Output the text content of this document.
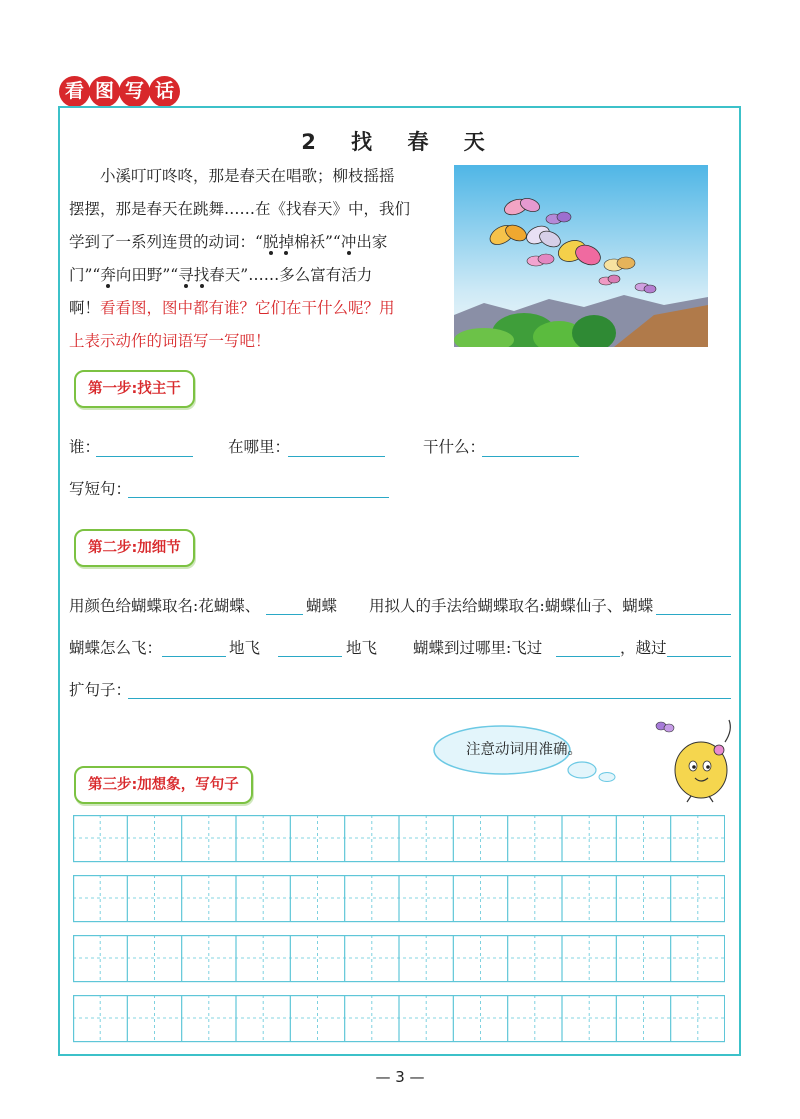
看 图 写 话
2 找 春 天
小溪叮叮咚咚，那是春天在唱歌；柳枝摇摇
摆摆，那是春天在跳舞……在《找春天》中，我们
学到了一系列连贯的动词：“脱掉棉袄”“冲出家
门”“奔向田野”“寻找春天”……多么富有活力
啊！看看图，图中都有谁？它们在干什么呢？用
上表示动作的词语写一写吧！
第一步:找主干
谁：	在哪里：	干什么：
写短句：
第二步:加细节
用颜色给蝴蝶取名:花蝴蝶、	蝴蝶 用拟人的手法给蝴蝶取名:蝴蝶仙子、蝴蝶
蝴蝶怎么飞：	地飞	地飞 蝴蝶到过哪里:飞过	，越过
扩句子：
注意动词用准确。
第三步:加想象，写句子
— 3 —
